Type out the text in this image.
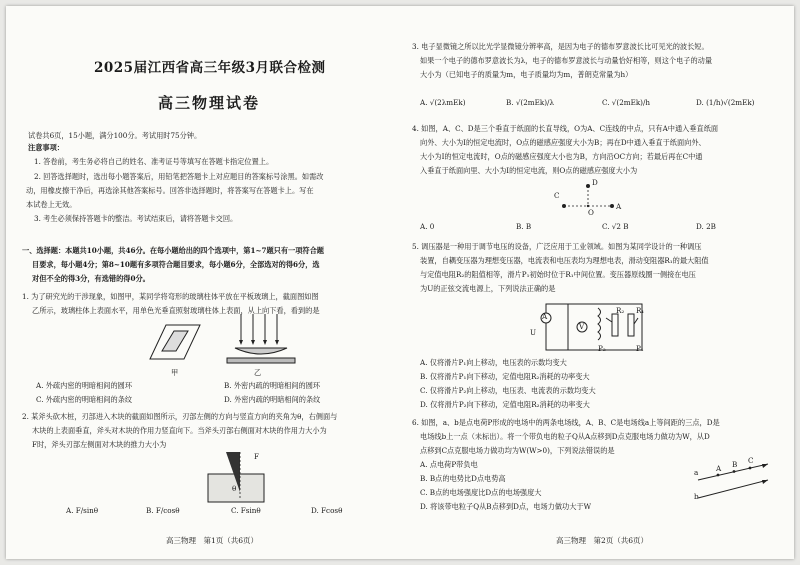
2025届江西省高三年级3月联合检测
高三物理试卷
试卷共6页，15小题，满分100分。考试用时75分钟。
注意事项：
1. 答卷前，考生务必将自己的姓名、准考证号等填写在答题卡指定位置上。
2. 回答选择题时，选出每小题答案后，用铅笔把答题卡上对应题目的答案标号涂黑。如需改
动，用橡皮擦干净后，再选涂其他答案标号。回答非选择题时，将答案写在答题卡上。写在
本试卷上无效。
3. 考生必须保持答题卡的整洁。考试结束后，请将答题卡交回。
一、选择题：本题共10小题，共46分。在每小题给出的四个选项中，第1~7题只有一项符合题
目要求，每小题4分；第8~10题有多项符合题目要求，每小题6分，全部选对的得6分，选
对但不全的得3分，有选错的得0分。
1. 为了研究光的干涉现象，如图甲，某同学将弯形的玻璃柱体平放在平板玻璃上，截面图如图
乙所示，玻璃柱体上表面水平，用单色光垂直照射玻璃柱体上表面，从上向下看，看到的是
甲	乙
A. 外疏内密的明暗相间的圆环	B. 外密内疏的明暗相间的圆环
C. 外疏内密的明暗相间的条纹	D. 外密内疏的明暗相间的条纹
2. 某斧头砍木桩，刃部进入木块的截面如图所示，刃部左侧的方向与竖直方向的夹角为θ，右侧面与
木块的上表面垂直，斧头对木块的作用力竖直向下。当斧头刃部右侧面对木块的作用力大小为
F时，斧头刃部左侧面对木块的推力大小为
F
θ
A. F/sinθ	B. F/cosθ	C. Fsinθ	D. Fcosθ
高三物理　第1页（共6页）
3. 电子显微镜之所以比光学显微镜分辨率高，是因为电子的德布罗意波长比可见光的波长短。
如果一个电子的德布罗意波长为λ，电子的德布罗意波长与动量恰好相等，则这个电子的动量
大小为（已知电子的质量为m，电子质量均为m，普朗克常量为h）
A. √(2λmEk)	B. √(2mEk)/λ	C. √(2mEk)/h	D. (1/h)√(2mEk)
4. 如图，A、C、D是三个垂直于纸面的长直导线，O为A、C连线的中点，只有A中通入垂直纸面
向外、大小为I的恒定电流时，O点的磁感应强度大小为B；再在D中通入垂直于纸面向外、
大小为I的恒定电流时，O点的磁感应强度大小也为B，方向沿OC方向；若最后再在C中通
入垂直于纸面向里、大小为I的恒定电流，则O点的磁感应强度大小为
C
O
A
D
A. 0	B. B	C. √2 B	D. 2B
5. 调压器是一种用于调节电压的设备，广泛应用于工业领域。如图为某同学设计的一种调压
装置，自耦变压器为理想变压器，电流表和电压表均为理想电表，滑动变阻器R₁的最大阻值
与定值电阻R₂的阻值相等，滑片P₁初始时位于R₁中间位置。变压器原线圈一侧接在电压
为U的正弦交流电源上，下列说法正确的是
A
V
R₂ R₁
P₁
P₂
U
A. 仅将滑片P₁向上移动，电压表的示数均变大
B. 仅将滑片P₁向下移动，定值电阻R₂消耗的功率变大
C. 仅将滑片P₂向上移动，电压表、电流表的示数均变大
D. 仅将滑片P₂向下移动，定值电阻R₂消耗的功率变大
6. 如图，a、b是点电荷P形成的电场中的两条电场线，A、B、C是电场线a上等间距的三点，D是
电场线b上一点（未标出）。将一个带负电的粒子Q从A点移到D点克服电场力做功为W，从D
点移到C点克服电场力做功均为W(W>0)，下列说法错误的是
a A B C
b
A. 点电荷P带负电
B. B点的电势比D点电势高
C. B点的电场强度比D点的电场强度大
D. 将该带电粒子Q从B点移到D点，电场力做功大于W
高三物理　第2页（共6页）
